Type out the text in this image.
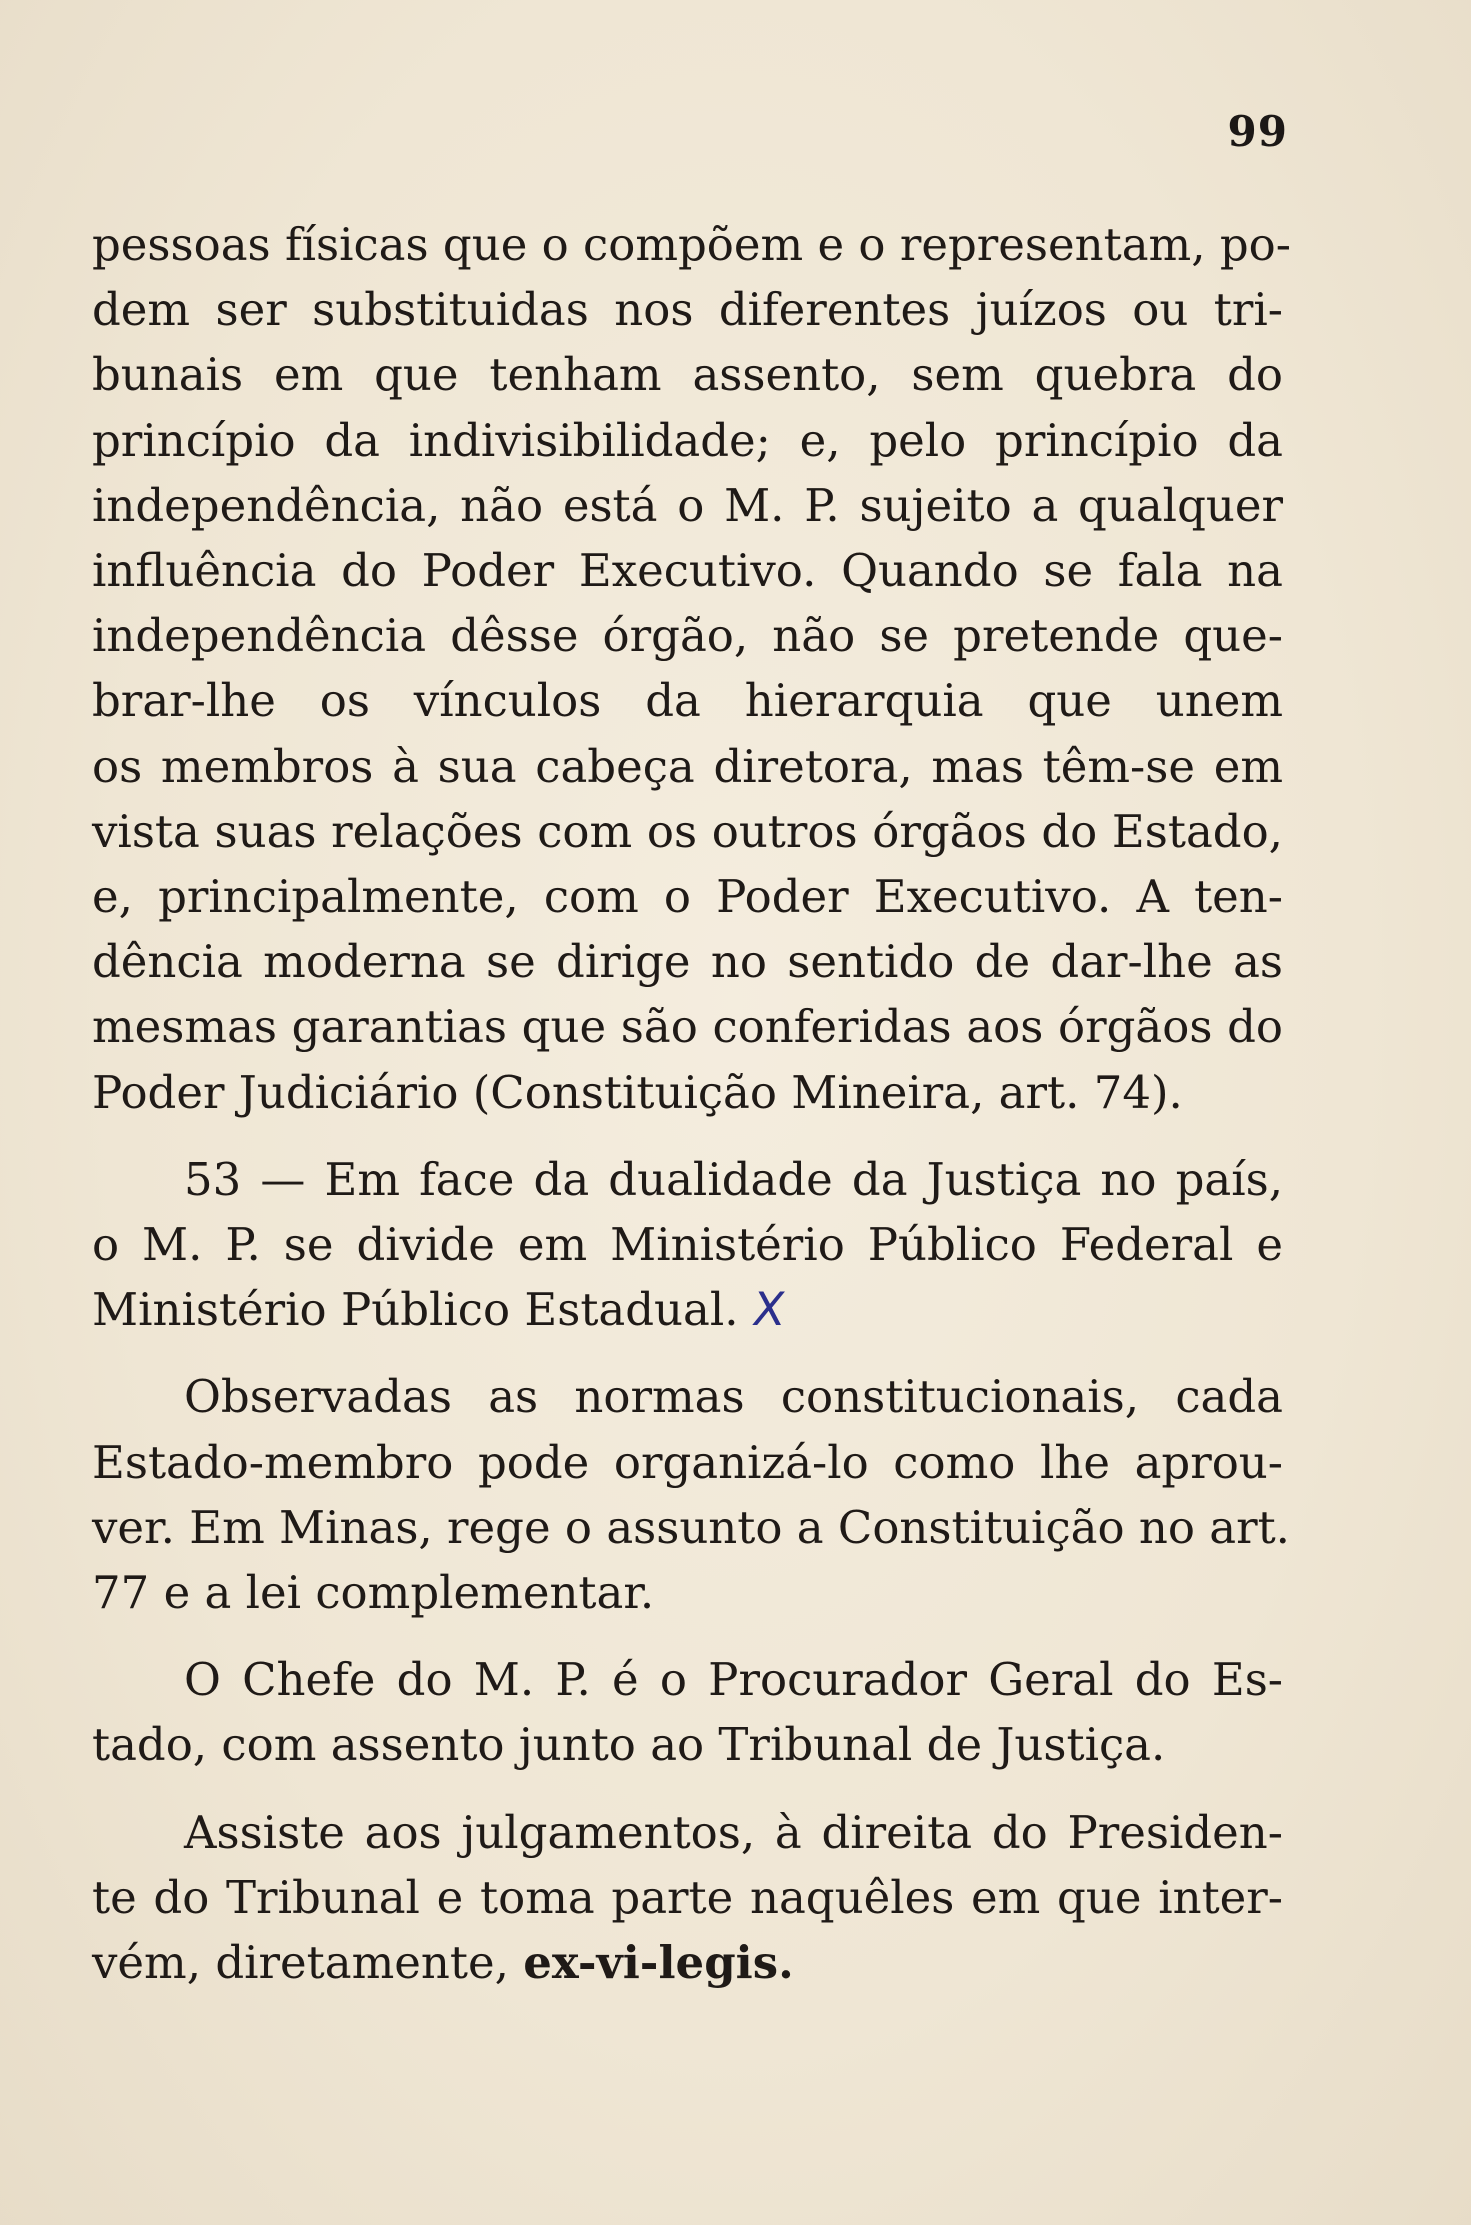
99
pessoas físicas que o compõem e o representam, po-
dem ser substituidas nos diferentes juízos ou tri-
bunais em que tenham assento, sem quebra do
princípio da indivisibilidade; e, pelo princípio da
independência, não está o M. P. sujeito a qualquer
influência do Poder Executivo. Quando se fala na
independência dêsse órgão, não se pretende que-
brar-lhe os vínculos da hierarquia que unem
os membros à sua cabeça diretora, mas têm-se em
vista suas relações com os outros órgãos do Estado,
e, principalmente, com o Poder Executivo. A ten-
dência moderna se dirige no sentido de dar-lhe as
mesmas garantias que são conferidas aos órgãos do
Poder Judiciário (Constituição Mineira, art. 74).
53 — Em face da dualidade da Justiça no país,
o M. P. se divide em Ministério Público Federal e
Ministério Público Estadual. X
Observadas as normas constitucionais, cada
Estado-membro pode organizá-lo como lhe aprou-
ver. Em Minas, rege o assunto a Constituição no art.
77 e a lei complementar.
O Chefe do M. P. é o Procurador Geral do Es-
tado, com assento junto ao Tribunal de Justiça.
Assiste aos julgamentos, à direita do Presiden-
te do Tribunal e toma parte naquêles em que inter-
vém, diretamente, ex-vi-legis.
